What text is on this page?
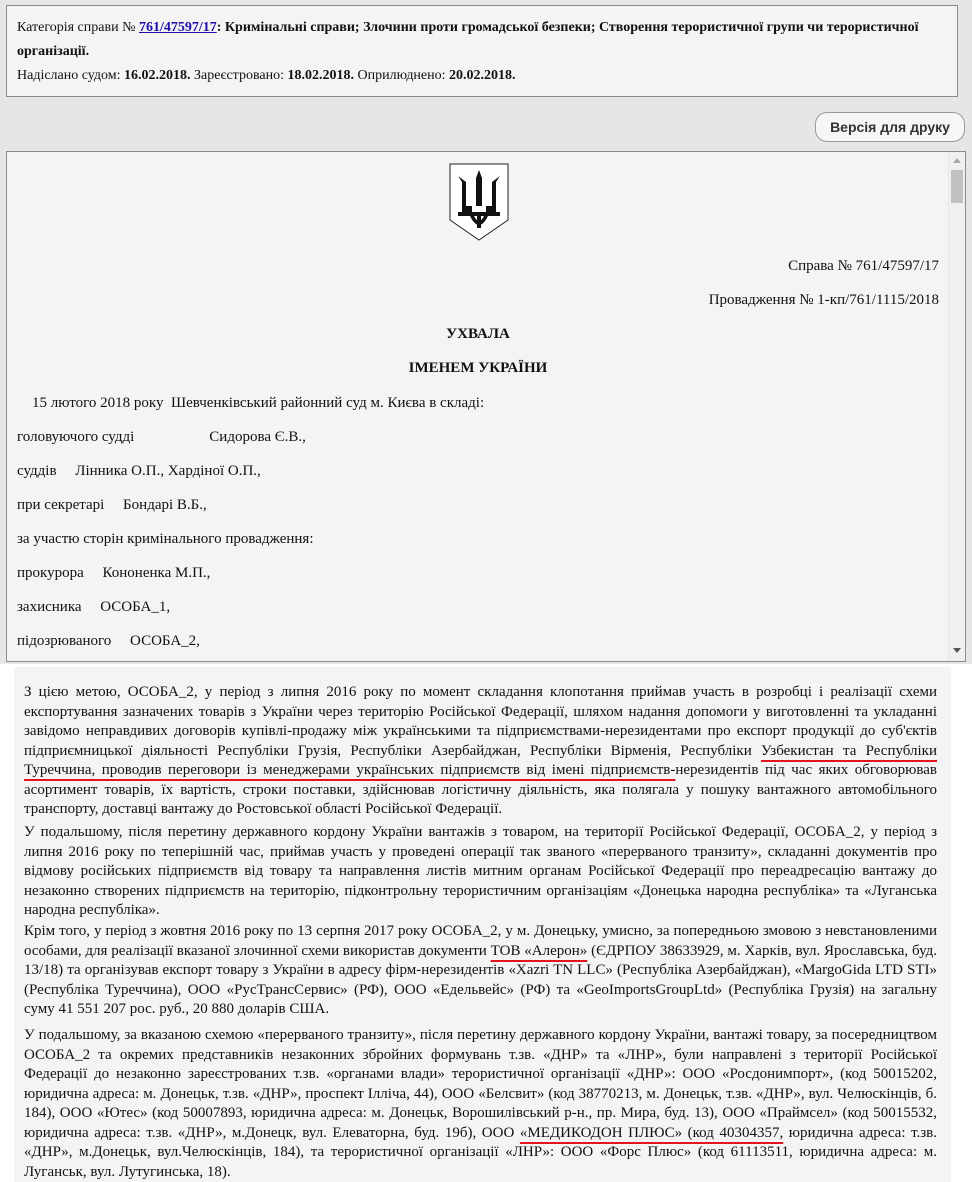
Категорія справи № 761/47597/17: Кримінальні справи; Злочини проти громадської безпеки; Створення терористичної групи чи терористичної організації.
Надіслано судом: 16.02.2018. Зареєстровано: 18.02.2018. Оприлюднено: 20.02.2018.
Версія для друку
Справа № 761/47597/17
Провадження № 1-кп/761/1115/2018
УХВАЛА
ІМЕНЕМ УКРАЇНИ
15 лютого 2018 року  Шевченківський районний суд м. Києва в складі:
головуючого судді                    Сидорова Є.В.,
суддів     Лінника О.П., Хардіної О.П.,
при секретарі     Бондарі В.Б.,
за участю сторін кримінального провадження:
прокурора     Кононенка М.П.,
захисника     ОСОБА_1,
підозрюваного     ОСОБА_2,
З цією метою, ОСОБА_2, у період з липня 2016 року по момент складання клопотання приймав участь в розробці і реалізації схеми експортування зазначених товарів з України через територію Російської Федерації, шляхом надання допомоги у виготовленні та укладанні завідомо неправдивих договорів купівлі-продажу між українськими та підприємствами-нерезидентами про експорт продукції до суб'єктів підприємницької діяльності Республіки Грузія, Республіки Азербайджан, Республіки Вірменія, Республіки Узбекистан та Республіки Туреччина, проводив переговори із менеджерами українських підприємств від імені підприємств-нерезидентів під час яких обговорював асортимент товарів, їх вартість, строки поставки, здійснював логістичну діяльність, яка полягала у пошуку вантажного автомобільного транспорту, доставці вантажу до Ростовської області Російської Федерації.
У подальшому, після перетину державного кордону України вантажів з товаром, на території Російської Федерації, ОСОБА_2, у період з липня 2016 року по теперішній час, приймав участь у проведені операції так званого «перерваного транзиту», складанні документів про відмову російських підприємств від товару та направлення листів митним органам Російської Федерації про переадресацію вантажу до незаконно створених підприємств на територію, підконтрольну терористичним організаціям «Донецька народна республіка» та «Луганська народна республіка».
Крім того, у період з жовтня 2016 року по 13 серпня 2017 року ОСОБА_2, у м. Донецьку, умисно, за попередньою змовою з невстановленими особами, для реалізації вказаної злочинної схеми використав документи ТОВ «Алерон» (ЄДРПОУ 38633929, м. Харків, вул. Ярославська, буд. 13/18) та організував експорт товару з України в адресу фірм-нерезидентів «Xazri TN LLC» (Республіка Азербайджан), «MargoGida LTD STI» (Республіка Туреччина), ООО «РусТрансСервис» (РФ), ООО «Едельвейс» (РФ) та «GeoImportsGroupLtd» (Республіка Грузія) на загальну суму 41 551 207 рос. руб., 20 880 доларів США.
У подальшому, за вказаною схемою «перерваного транзиту», після перетину державного кордону України, вантажі товару, за посередництвом ОСОБА_2 та окремих представників незаконних збройних формувань т.зв. «ДНР» та «ЛНР», були направлені з території Російської Федерації до незаконно зареєстрованих т.зв. «органами влади» терористичної організації «ДНР»: ООО «Росдонимпорт», (код 50015202, юридична адреса: м. Донецьк, т.зв. «ДНР», проспект Ілліча, 44), ООО «Белсвит» (код 38770213, м. Донецьк, т.зв. «ДНР», вул. Челюскінців, б. 184), ООО «Ютес» (код 50007893, юридична адреса: м. Донецьк, Ворошилівський р-н., пр. Мира, буд. 13), ООО «Праймсел» (код 50015532, юридична адреса: т.зв. «ДНР», м.Донецк, вул. Елеваторна, буд. 19б), ООО «МЕДИКОДОН ПЛЮС» (код 40304357, юридична адреса: т.зв. «ДНР», м.Донецьк, вул.Челюскінців, 184), та терористичної організації «ЛНР»: ООО «Форс Плюс» (код 61113511, юридична адреса: м. Луганськ, вул. Лутугинська, 18).
